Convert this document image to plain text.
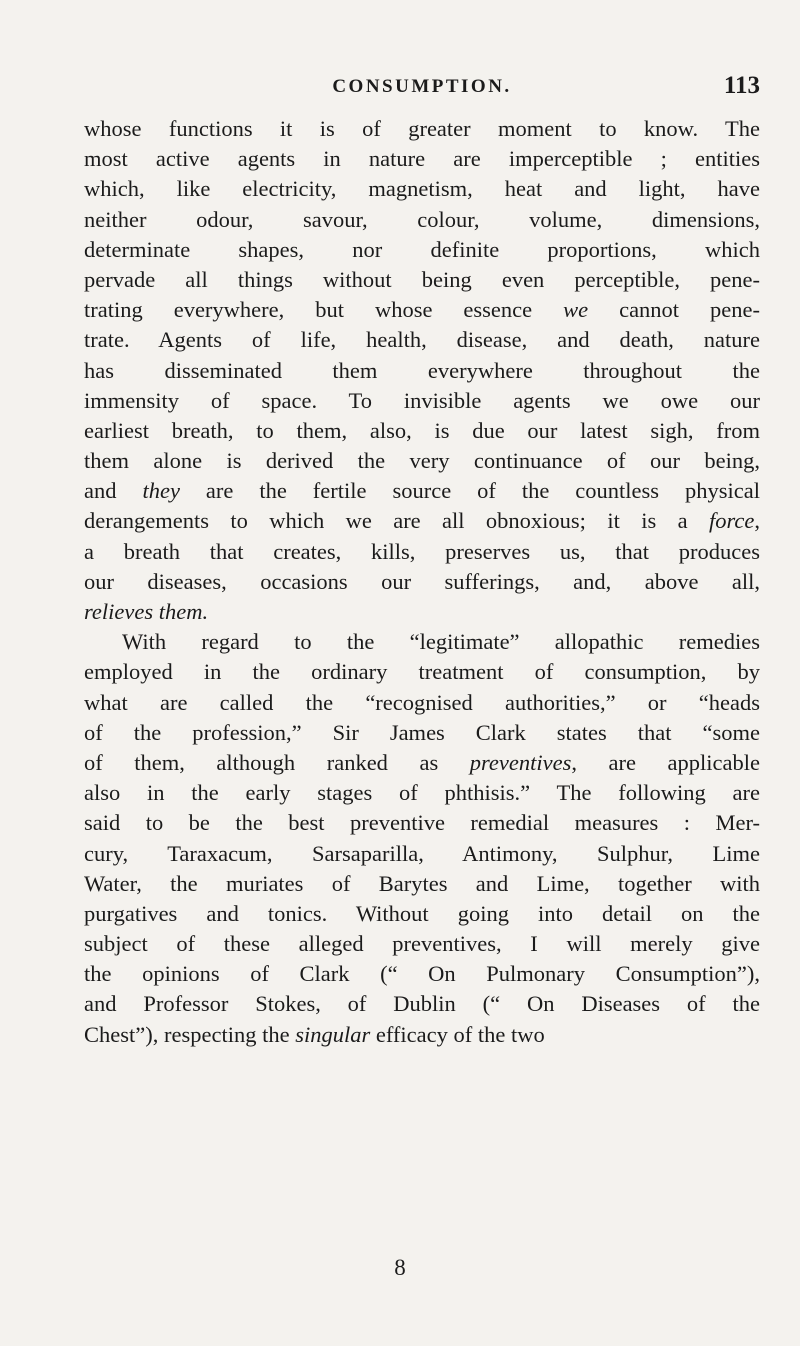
CONSUMPTION.	113
whose functions it is of greater moment to know. The
most active agents in nature are imperceptible ; entities
which, like electricity, magnetism, heat and light, have
neither odour, savour, colour, volume, dimensions,
determinate shapes, nor definite proportions, which
pervade all things without being even perceptible, pene-
trating everywhere, but whose essence we cannot pene-
trate. Agents of life, health, disease, and death, nature
has disseminated them everywhere throughout the
immensity of space. To invisible agents we owe our
earliest breath, to them, also, is due our latest sigh, from
them alone is derived the very continuance of our being,
and they are the fertile source of the countless physical
derangements to which we are all obnoxious; it is a force,
a breath that creates, kills, preserves us, that produces
our diseases, occasions our sufferings, and, above all,
relieves them.
With regard to the “legitimate” allopathic remedies
employed in the ordinary treatment of consumption, by
what are called the “recognised authorities,” or “heads
of the profession,” Sir James Clark states that “some
of them, although ranked as preventives, are applicable
also in the early stages of phthisis.” The following are
said to be the best preventive remedial measures : Mer-
cury, Taraxacum, Sarsaparilla, Antimony, Sulphur, Lime
Water, the muriates of Barytes and Lime, together with
purgatives and tonics. Without going into detail on the
subject of these alleged preventives, I will merely give
the opinions of Clark (“ On Pulmonary Consumption”),
and Professor Stokes, of Dublin (“ On Diseases of the
Chest”), respecting the singular efficacy of the two
8
